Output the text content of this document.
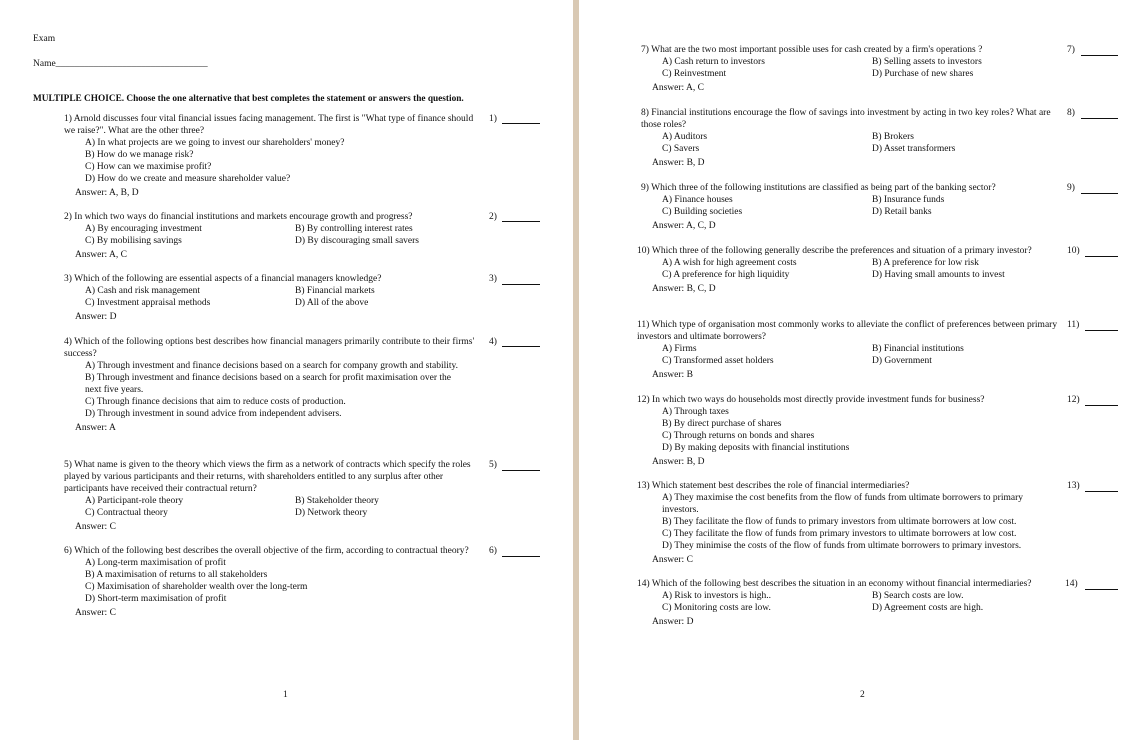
Exam
Name________________________________
MULTIPLE CHOICE. Choose the one alternative that best completes the statement or answers the question.
1) Arnold discusses four vital financial issues facing management. The first is "What type of finance should we raise?". What are the other three?
A) In what projects are we going to invest our shareholders' money?
B) How do we manage risk?
C) How can we maximise profit?
D) How do we create and measure shareholder value?
Answer: A, B, D
1)
2) In which two ways do financial institutions and markets encourage growth and progress?
A) By encouraging investment	B) By controlling interest rates
C) By mobilising savings	D) By discouraging small savers
Answer: A, C
2)
3) Which of the following are essential aspects of a financial managers knowledge?
A) Cash and risk management	B) Financial markets
C) Investment appraisal methods	D) All of the above
Answer: D
3)
4) Which of the following options best describes how financial managers primarily contribute to their firms' success?
A) Through investment and finance decisions based on a search for company growth and stability.
B) Through investment and finance decisions based on a search for profit maximisation over the next five years.
C) Through finance decisions that aim to reduce costs of production.
D) Through investment in sound advice from independent advisers.
Answer: A
4)
5) What name is given to the theory which views the firm as a network of contracts which specify the roles played by various participants and their returns, with shareholders entitled to any surplus after other participants have received their contractual return?
A) Participant-role theory	B) Stakeholder theory
C) Contractual theory	D) Network theory
Answer: C
5)
6) Which of the following best describes the overall objective of the firm, according to contractual theory?
A) Long-term maximisation of profit
B) A maximisation of returns to all stakeholders
C) Maximisation of shareholder wealth over the long-term
D) Short-term maximisation of profit
Answer: C
6)
1
7) What are the two most important possible uses for cash created by a firm's operations ?
A) Cash return to investors	B) Selling assets to investors
C) Reinvestment	D) Purchase of new shares
Answer: A, C
7)
8) Financial institutions encourage the flow of savings into investment by acting in two key roles? What are those roles?
A) Auditors	B) Brokers
C) Savers	D) Asset transformers
Answer: B, D
8)
9) Which three of the following institutions are classified as being part of the banking sector?
A) Finance houses	B) Insurance funds
C) Building societies	D) Retail banks
Answer: A, C, D
9)
10) Which three of the following generally describe the preferences and situation of a primary investor?
A) A wish for high agreement costs	B) A preference for low risk
C) A preference for high liquidity	D) Having small amounts to invest
Answer: B, C, D
10)
11) Which type of organisation most commonly works to alleviate the conflict of preferences between primary investors and ultimate borrowers?
A) Firms	B) Financial institutions
C) Transformed asset holders	D) Government
Answer: B
11)
12) In which two ways do households most directly provide investment funds for business?
A) Through taxes
B) By direct purchase of shares
C) Through returns on bonds and shares
D) By making deposits with financial institutions
Answer: B, D
12)
13) Which statement best describes the role of financial intermediaries?
A) They maximise the cost benefits from the flow of funds from ultimate borrowers to primary investors.
B) They facilitate the flow of funds to primary investors from ultimate borrowers at low cost.
C) They facilitate the flow of funds from primary investors to ultimate borrowers at low cost.
D) They minimise the costs of the flow of funds from ultimate borrowers to primary investors.
Answer: C
13)
14) Which of the following best describes the situation in an economy without financial intermediaries?
A) Risk to investors is high..	B) Search costs are low.
C) Monitoring costs are low.	D) Agreement costs are high.
Answer: D
14)
2
